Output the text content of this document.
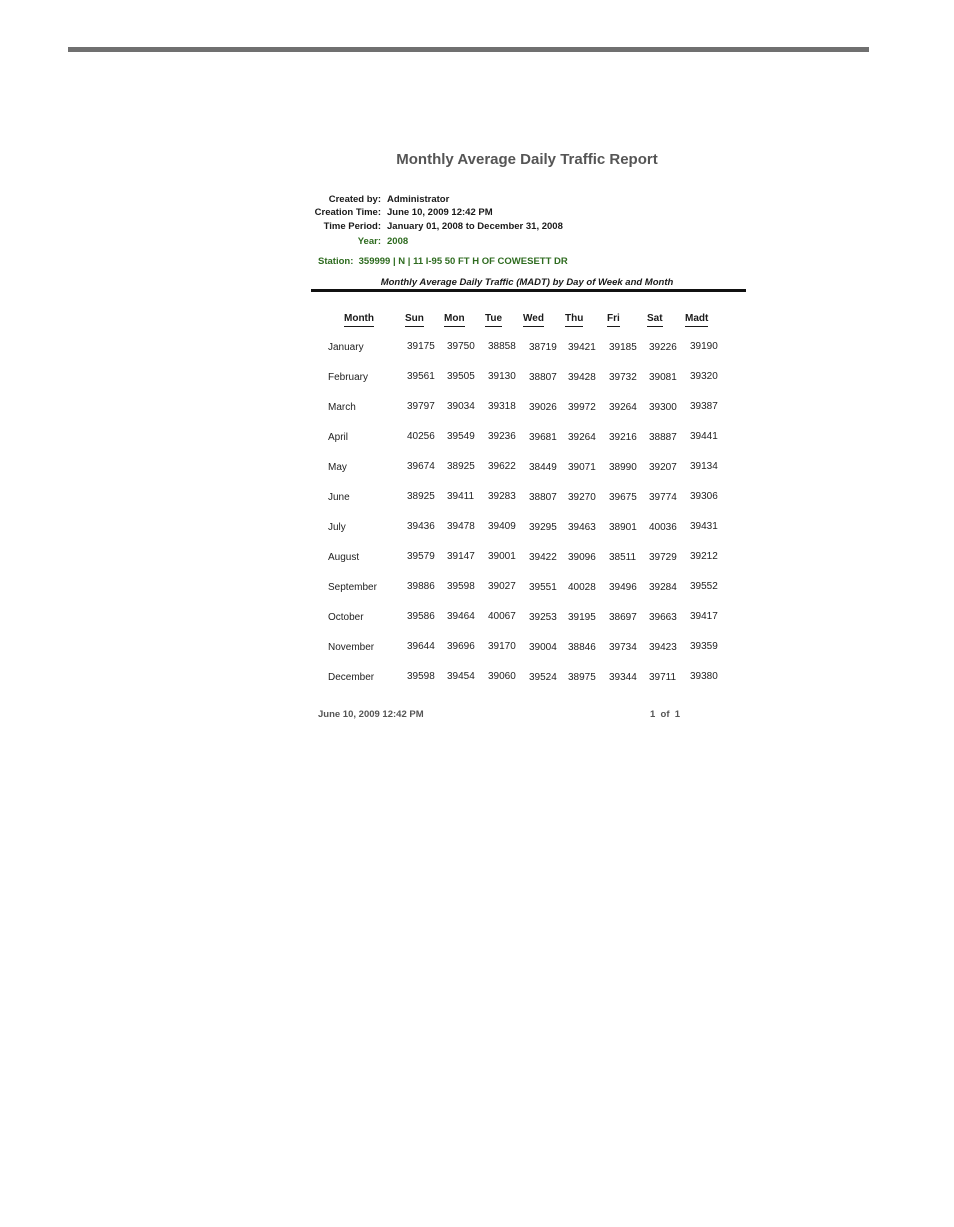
Monthly Average Daily Traffic Report
Created by: Administrator
Creation Time: June 10, 2009 12:42 PM
Time Period: January 01, 2008 to December 31, 2008
Year: 2008
Station: 359999 | N | 11 I-95 50 FT H OF COWESETT DR
Monthly Average Daily Traffic (MADT) by Day of Week and Month
Month	Sun Mon Tue Wed Thu Fri	Sat Madt
January	39175 39750 38858 38719 39421 39185 39226 39190
February	39561 39505 39130 38807 39428 39732 39081 39320
March	39797 39034 39318 39026 39972 39264 39300 39387
April	40256 39549 39236 39681 39264 39216 38887 39441
May	39674 38925 39622 38449 39071 38990 39207 39134
June	38925 39411 39283 38807 39270 39675 39774 39306
July	39436 39478 39409 39295 39463 38901 40036 39431
August	39579 39147 39001 39422 39096 38511 39729 39212
September	39886 39598 39027 39551 40028 39496 39284 39552
October	39586 39464 40067 39253 39195 38697 39663 39417
November	39644 39696 39170 39004 38846 39734 39423 39359
December	39598 39454 39060 39524 38975 39344 39711 39380
June 10, 2009 12:42 PM	1  of  1
